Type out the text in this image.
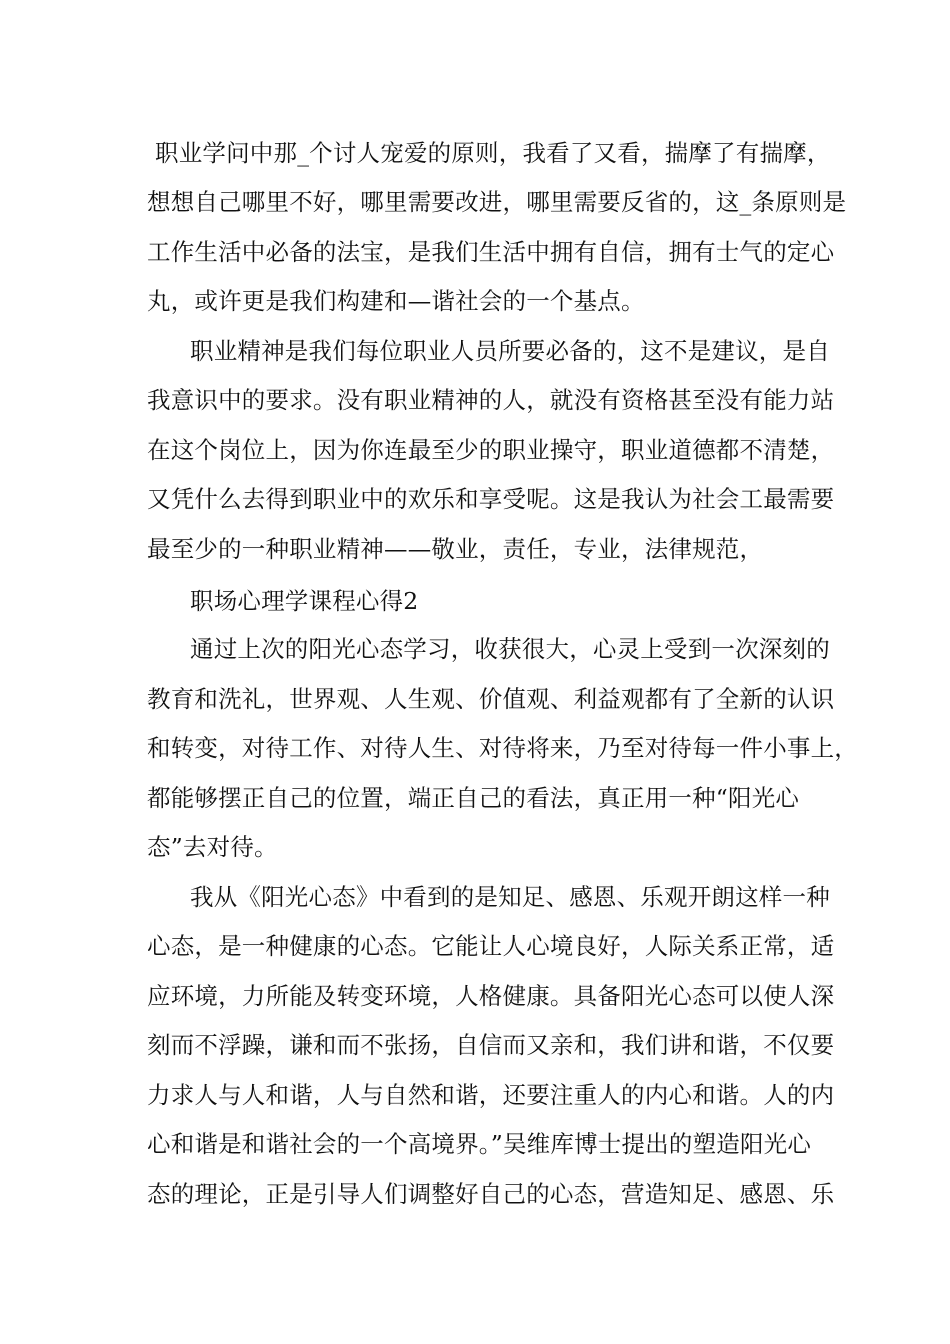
职业学问中那_个讨人宠爱的原则，我看了又看，揣摩了有揣摩，
想想自己哪里不好，哪里需要改进，哪里需要反省的，这_条原则是
工作生活中必备的法宝，是我们生活中拥有自信，拥有士气的定心
丸，或许更是我们构建和—谐社会的一个基点。
职业精神是我们每位职业人员所要必备的，这不是建议，是自
我意识中的要求。没有职业精神的人，就没有资格甚至没有能力站
在这个岗位上，因为你连最至少的职业操守，职业道德都不清楚，
又凭什么去得到职业中的欢乐和享受呢。这是我认为社会工最需要
最至少的一种职业精神——敬业，责任，专业，法律规范，
职场心理学课程心得2
通过上次的阳光心态学习，收获很大，心灵上受到一次深刻的
教育和洗礼，世界观、人生观、价值观、利益观都有了全新的认识
和转变，对待工作、对待人生、对待将来，乃至对待每一件小事上，
都能够摆正自己的位置，端正自己的看法，真正用一种“阳光心
态”去对待。
我从《阳光心态》中看到的是知足、感恩、乐观开朗这样一种
心态，是一种健康的心态。它能让人心境良好，人际关系正常，适
应环境，力所能及转变环境，人格健康。具备阳光心态可以使人深
刻而不浮躁，谦和而不张扬，自信而又亲和，我们讲和谐，不仅要
力求人与人和谐，人与自然和谐，还要注重人的内心和谐。人的内
心和谐是和谐社会的一个高境界。”吴维库博士提出的塑造阳光心
态的理论，正是引导人们调整好自己的心态，营造知足、感恩、乐
